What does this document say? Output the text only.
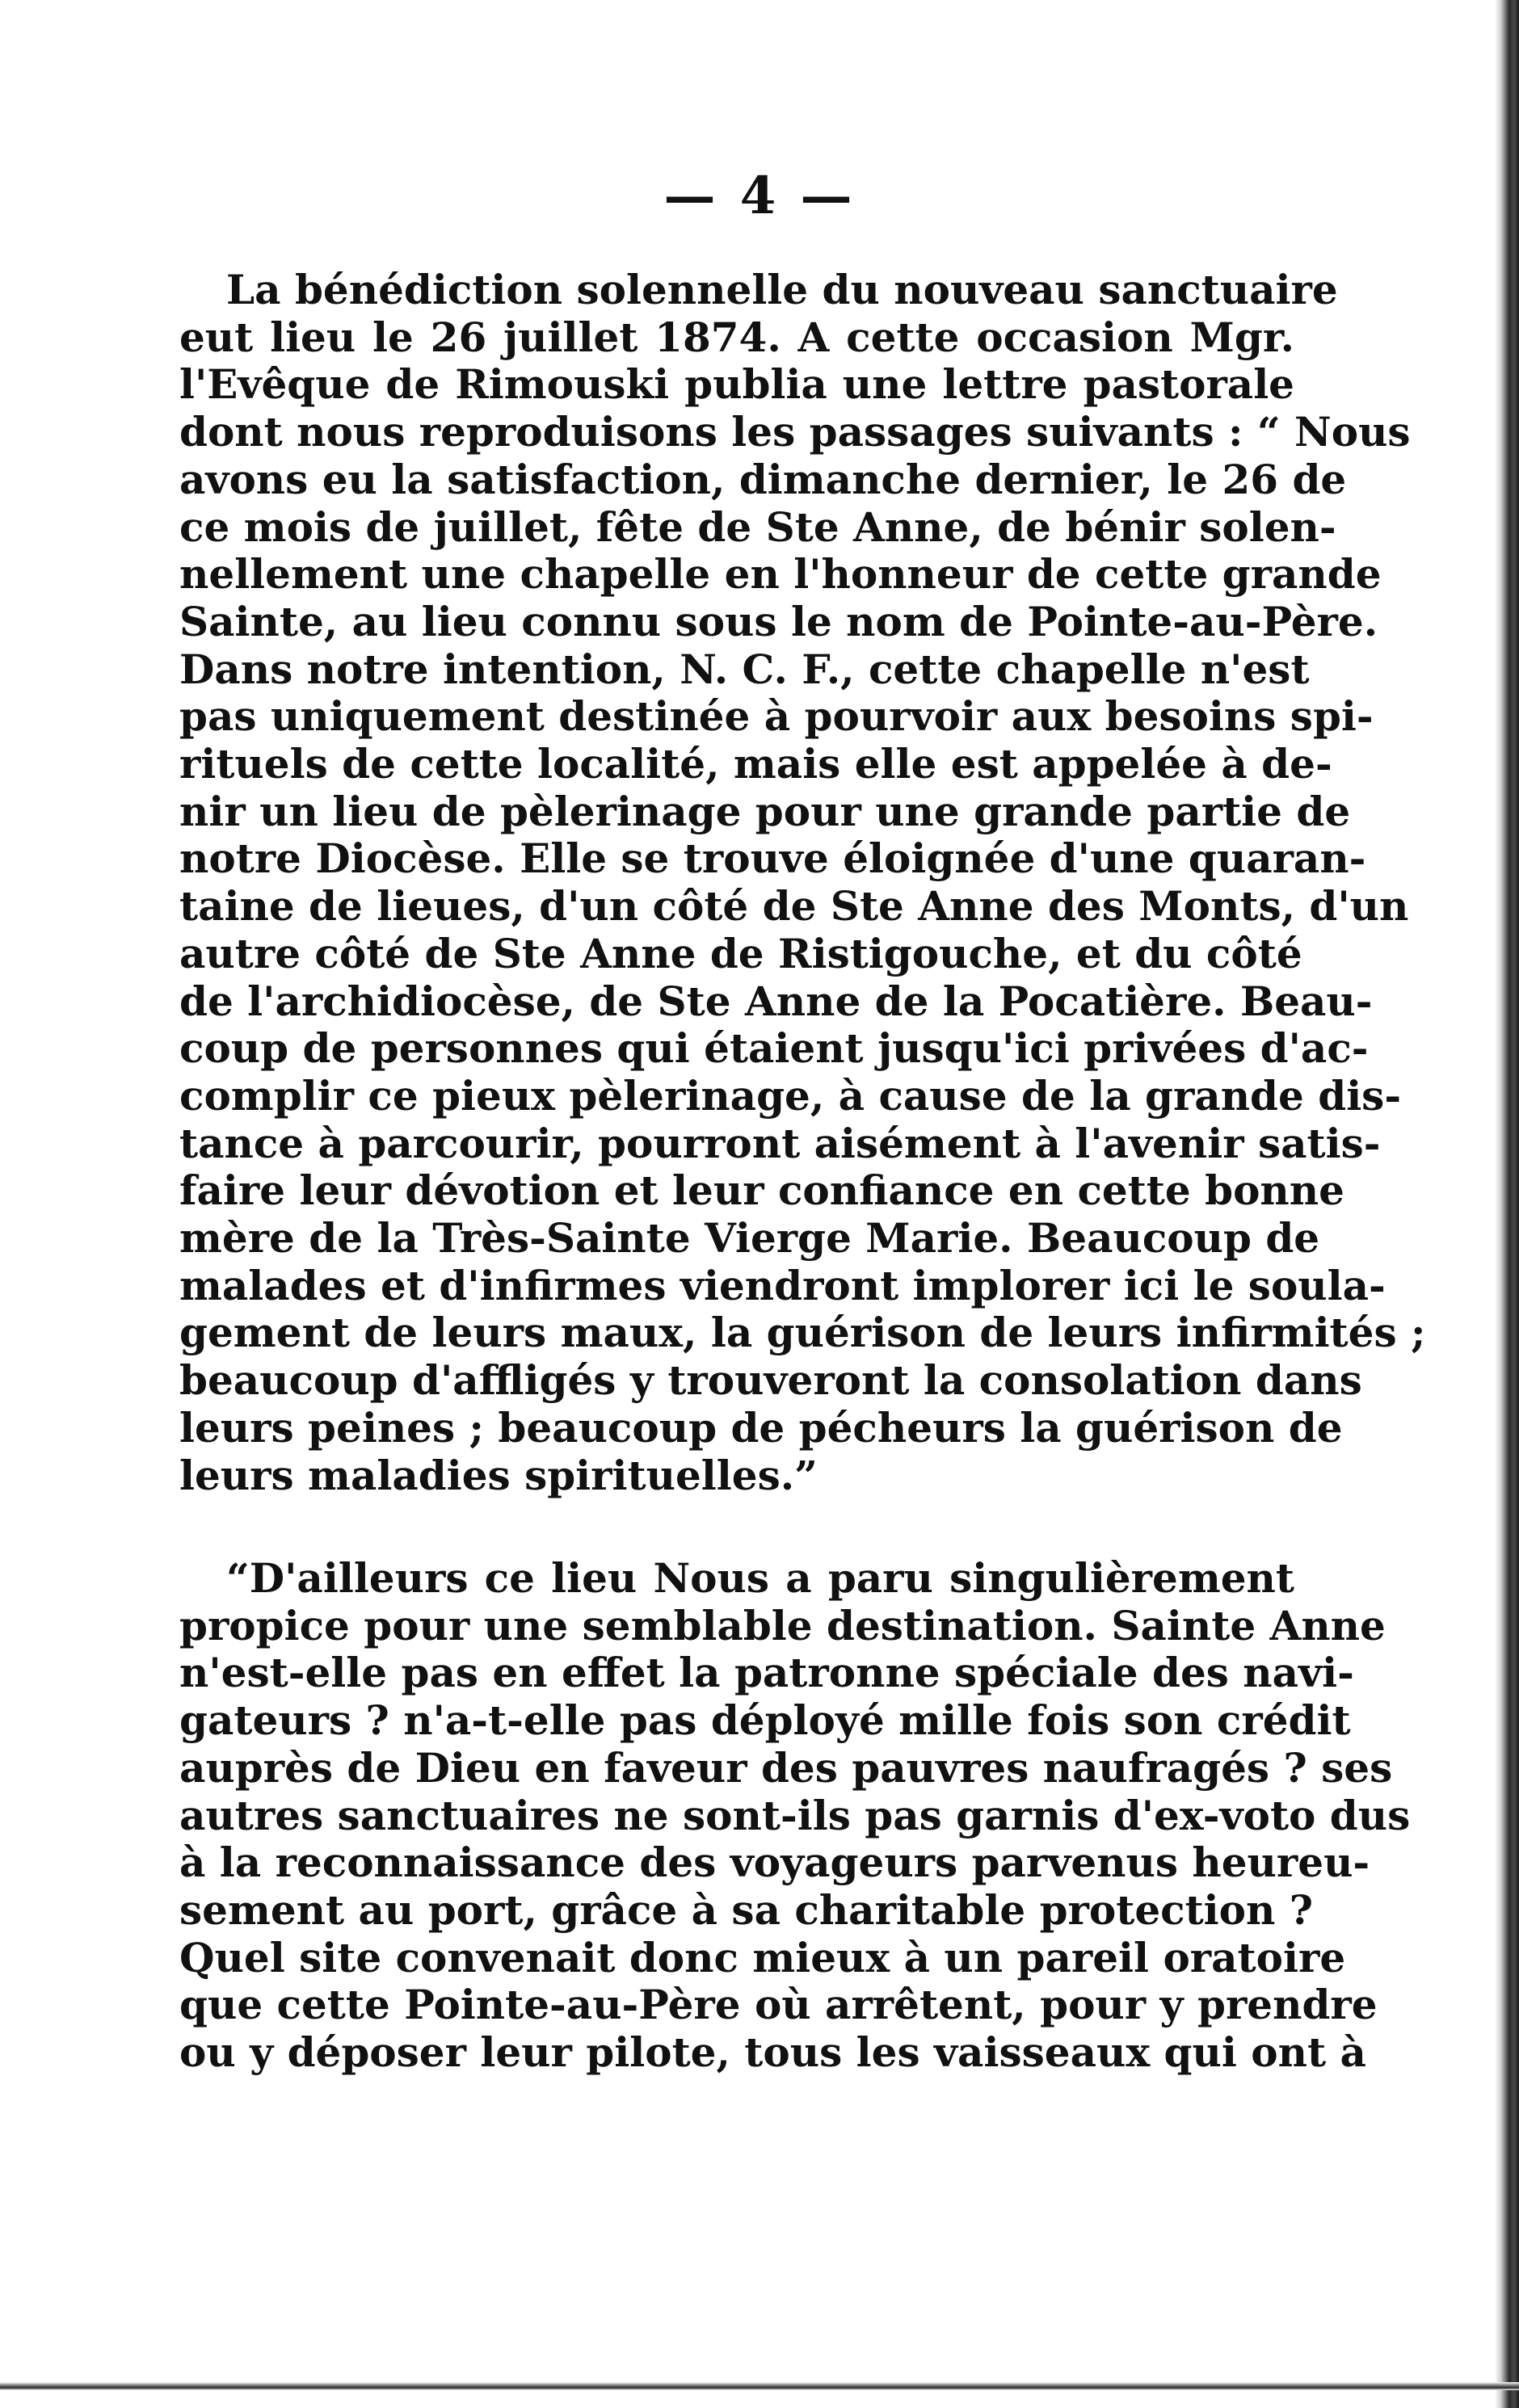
— 4 —
La bénédiction solennelle du nouveau sanctuaire
eut lieu le 26 juillet 1874. A cette occasion Mgr.
l'Evêque de Rimouski publia une lettre pastorale
dont nous reproduisons les passages suivants : “ Nous
avons eu la satisfaction, dimanche dernier, le 26 de
ce mois de juillet, fête de Ste Anne, de bénir solen-
nellement une chapelle en l'honneur de cette grande
Sainte, au lieu connu sous le nom de Pointe-au-Père.
Dans notre intention, N. C. F., cette chapelle n'est
pas uniquement destinée à pourvoir aux besoins spi-
rituels de cette localité, mais elle est appelée à de-
nir un lieu de pèlerinage pour une grande partie de
notre Diocèse. Elle se trouve éloignée d'une quaran-
taine de lieues, d'un côté de Ste Anne des Monts, d'un
autre côté de Ste Anne de Ristigouche, et du côté
de l'archidiocèse, de Ste Anne de la Pocatière. Beau-
coup de personnes qui étaient jusqu'ici privées d'ac-
complir ce pieux pèlerinage, à cause de la grande dis-
tance à parcourir, pourront aisément à l'avenir satis-
faire leur dévotion et leur confiance en cette bonne
mère de la Très-Sainte Vierge Marie. Beaucoup de
malades et d'infirmes viendront implorer ici le soula-
gement de leurs maux, la guérison de leurs infirmités ;
beaucoup d'affligés y trouveront la consolation dans
leurs peines ; beaucoup de pécheurs la guérison de
leurs maladies spirituelles.”
“D'ailleurs ce lieu Nous a paru singulièrement
propice pour une semblable destination. Sainte Anne
n'est-elle pas en effet la patronne spéciale des navi-
gateurs ? n'a-t-elle pas déployé mille fois son crédit
auprès de Dieu en faveur des pauvres naufragés ? ses
autres sanctuaires ne sont-ils pas garnis d'ex-voto dus
à la reconnaissance des voyageurs parvenus heureu-
sement au port, grâce à sa charitable protection ?
Quel site convenait donc mieux à un pareil oratoire
que cette Pointe-au-Père où arrêtent, pour y prendre
ou y déposer leur pilote, tous les vaisseaux qui ont à
